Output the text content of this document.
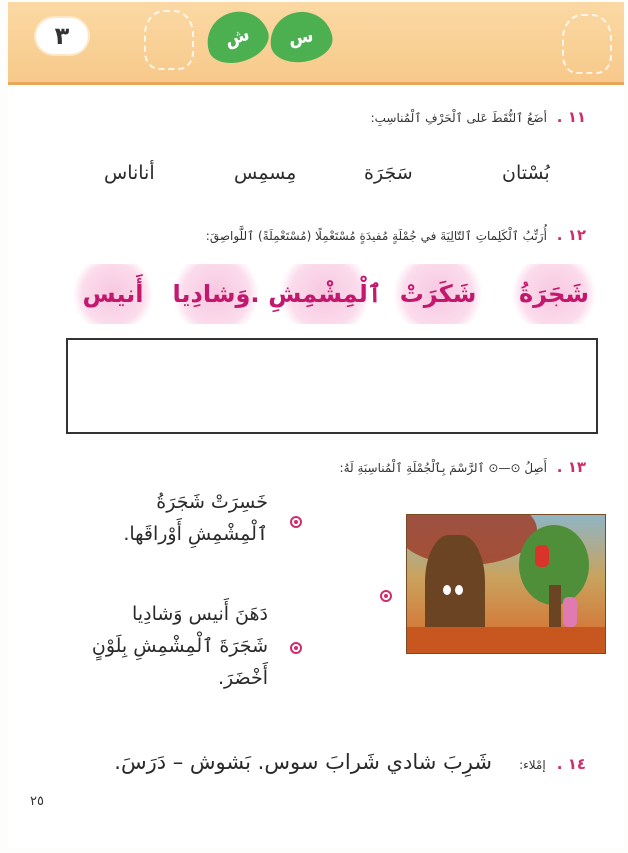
٣	ش	س
١١ . أضَعُ ٱلنُّقَطَ عَلى ٱلْحَرْفِ ٱلْمُناسِبِ:
بُسْتان
سَجَرَة
مِسمِس
أناناس
١٢ . أُرَتِّبُ ٱلْكَلِماتِ ٱلتّالِيَةَ في جُمْلَةٍ مُفيدَةٍ مُسْتَعْمِلًا (مُسْتَعْمِلَةً) ٱللَّواصِقَ:
شَجَرَةُ
شَكَرَتْ
ٱلْمِشْمِشِ
وَشادِيا.
أَنيس
١٣ . أَصِلُ ⊙—⊙ ٱلرَّسْمَ بِٱلْجُمْلَةِ ٱلْمُناسِبَةِ لَهُ:
خَسِرَتْ شَجَرَةُ
ٱلْمِشْمِشِ أَوْراقَها.
دَهَنَ أَنيس وَشادِيا
شَجَرَةَ ٱلْمِشْمِشِ بِلَوْنٍ
أَخْضَرَ.
١٤ . إمْلاء: شَرِبَ شادي شَرابَ سوس. بَشوش – دَرَسَ.
٢٥
